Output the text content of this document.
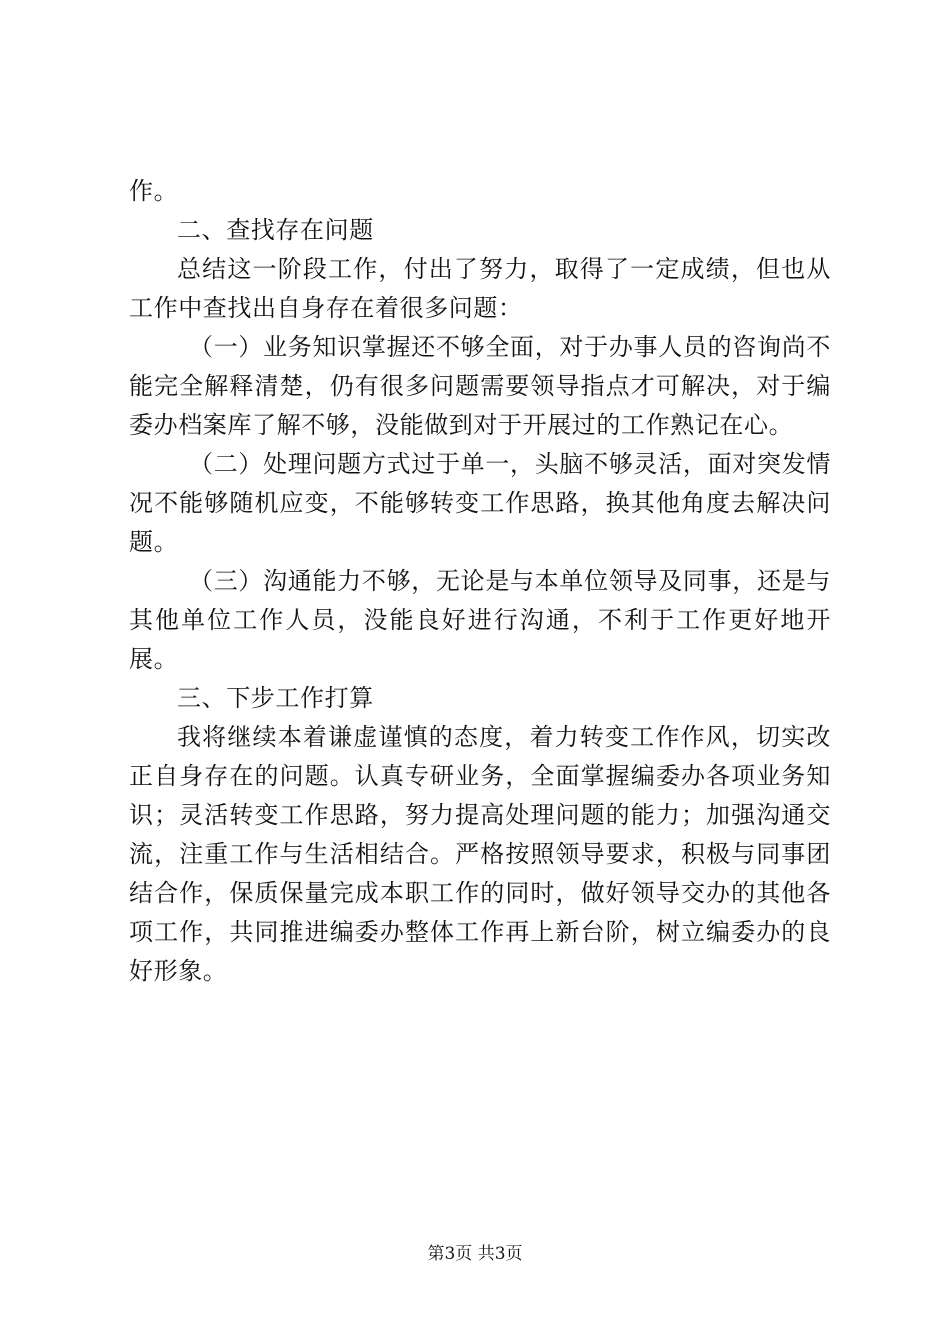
作。

二、查找存在问题

总结这一阶段工作，付出了努力，取得了一定成绩，但也从工作中查找出自身存在着很多问题：

（一）业务知识掌握还不够全面，对于办事人员的咨询尚不能完全解释清楚，仍有很多问题需要领导指点才可解决，对于编委办档案库了解不够，没能做到对于开展过的工作熟记在心。

（二）处理问题方式过于单一，头脑不够灵活，面对突发情况不能够随机应变，不能够转变工作思路，换其他角度去解决问题。

（三）沟通能力不够，无论是与本单位领导及同事，还是与其他单位工作人员，没能良好进行沟通，不利于工作更好地开展。

三、下步工作打算

我将继续本着谦虚谨慎的态度，着力转变工作作风，切实改正自身存在的问题。认真专研业务，全面掌握编委办各项业务知识；灵活转变工作思路，努力提高处理问题的能力；加强沟通交流，注重工作与生活相结合。严格按照领导要求，积极与同事团结合作，保质保量完成本职工作的同时，做好领导交办的其他各项工作，共同推进编委办整体工作再上新台阶，树立编委办的良好形象。

第3页 共3页
